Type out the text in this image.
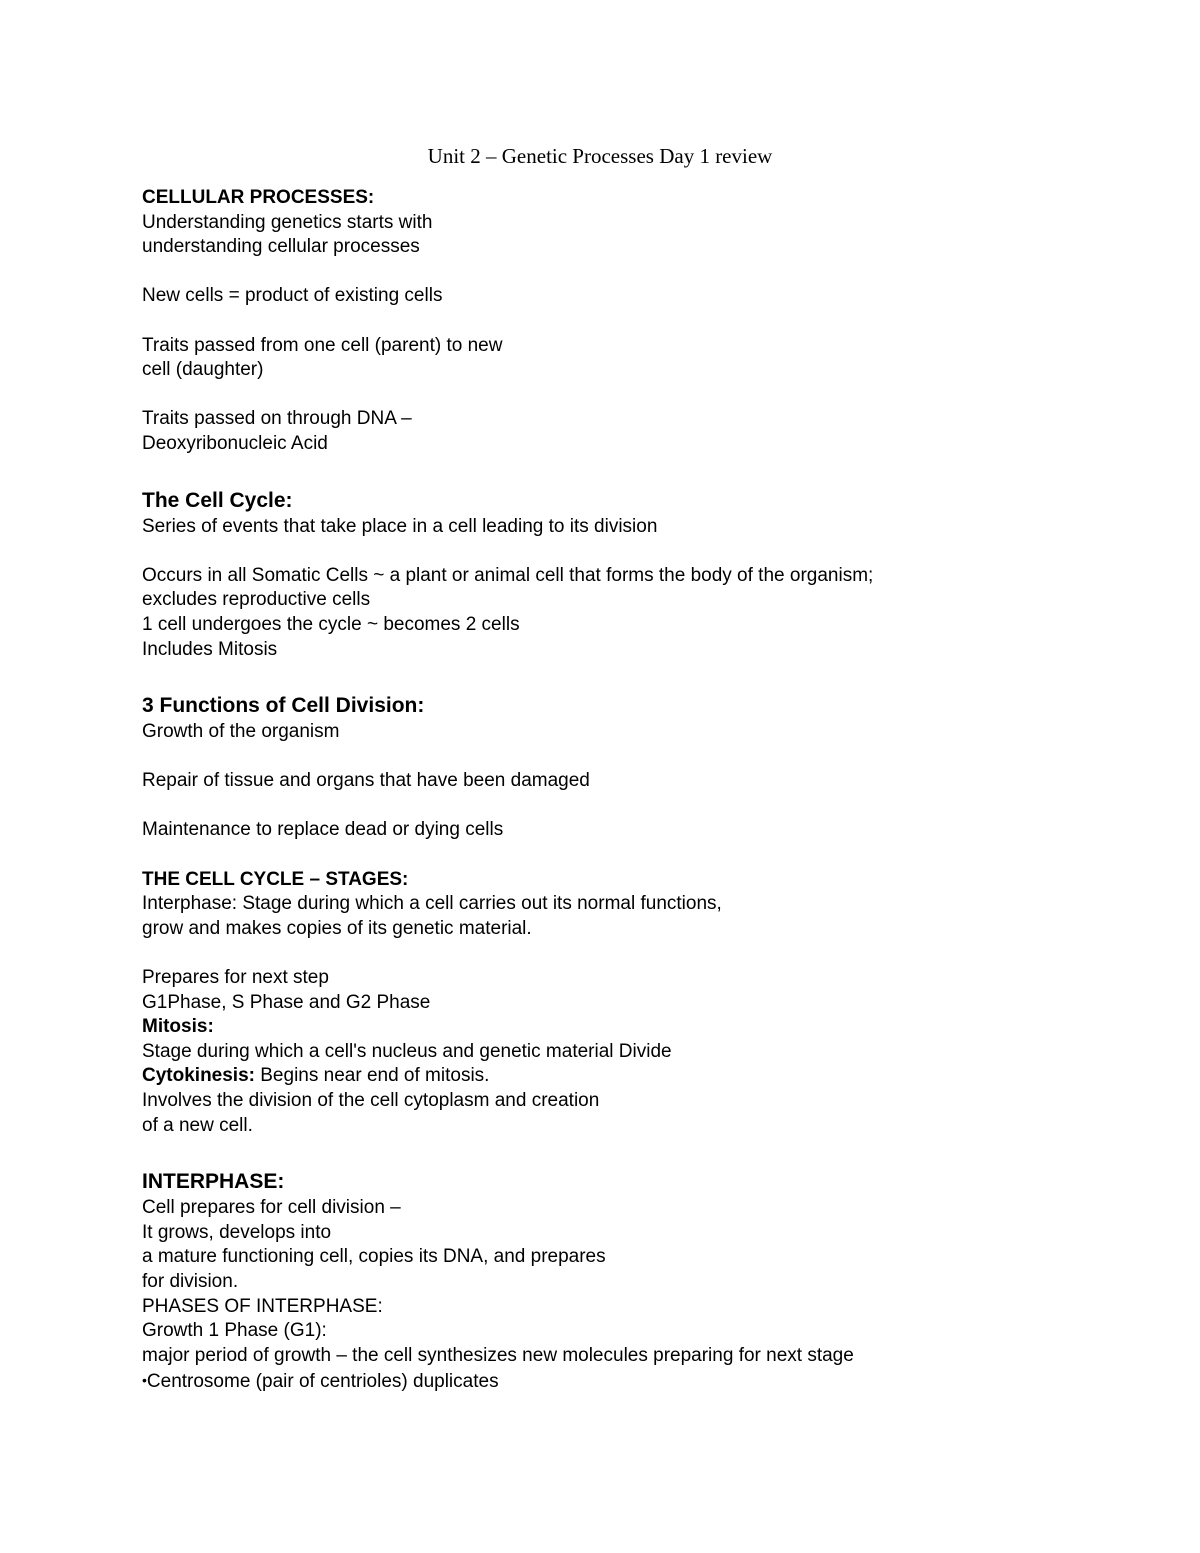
Unit 2 – Genetic Processes Day 1 review
CELLULAR PROCESSES:
Understanding genetics starts with
understanding cellular processes
New cells = product of existing cells
Traits passed from one cell (parent) to new
cell (daughter)
Traits passed on through DNA –
Deoxyribonucleic Acid
The Cell Cycle:
Series of events that take place in a cell leading to its division
Occurs in all Somatic Cells ~ a plant or animal cell that forms the body of the organism;
excludes reproductive cells
1 cell undergoes the cycle ~ becomes 2 cells
Includes Mitosis
3 Functions of Cell Division:
Growth of the organism
Repair of tissue and organs that have been damaged
Maintenance to replace dead or dying cells
THE CELL CYCLE – STAGES:
Interphase: Stage during which a cell carries out its normal functions,
grow and makes copies of its genetic material.
Prepares for next step
G1Phase, S Phase and G2 Phase
Mitosis:
Stage during which a cell's nucleus and genetic material Divide
Cytokinesis: Begins near end of mitosis.
Involves the division of the cell cytoplasm and creation
of a new cell.
INTERPHASE:
Cell prepares for cell division –
It grows, develops into
a mature functioning cell, copies its DNA, and prepares
for division.
PHASES OF INTERPHASE:
Growth 1 Phase (G1):
major period of growth – the cell synthesizes new molecules preparing for next stage
•Centrosome (pair of centrioles) duplicates
